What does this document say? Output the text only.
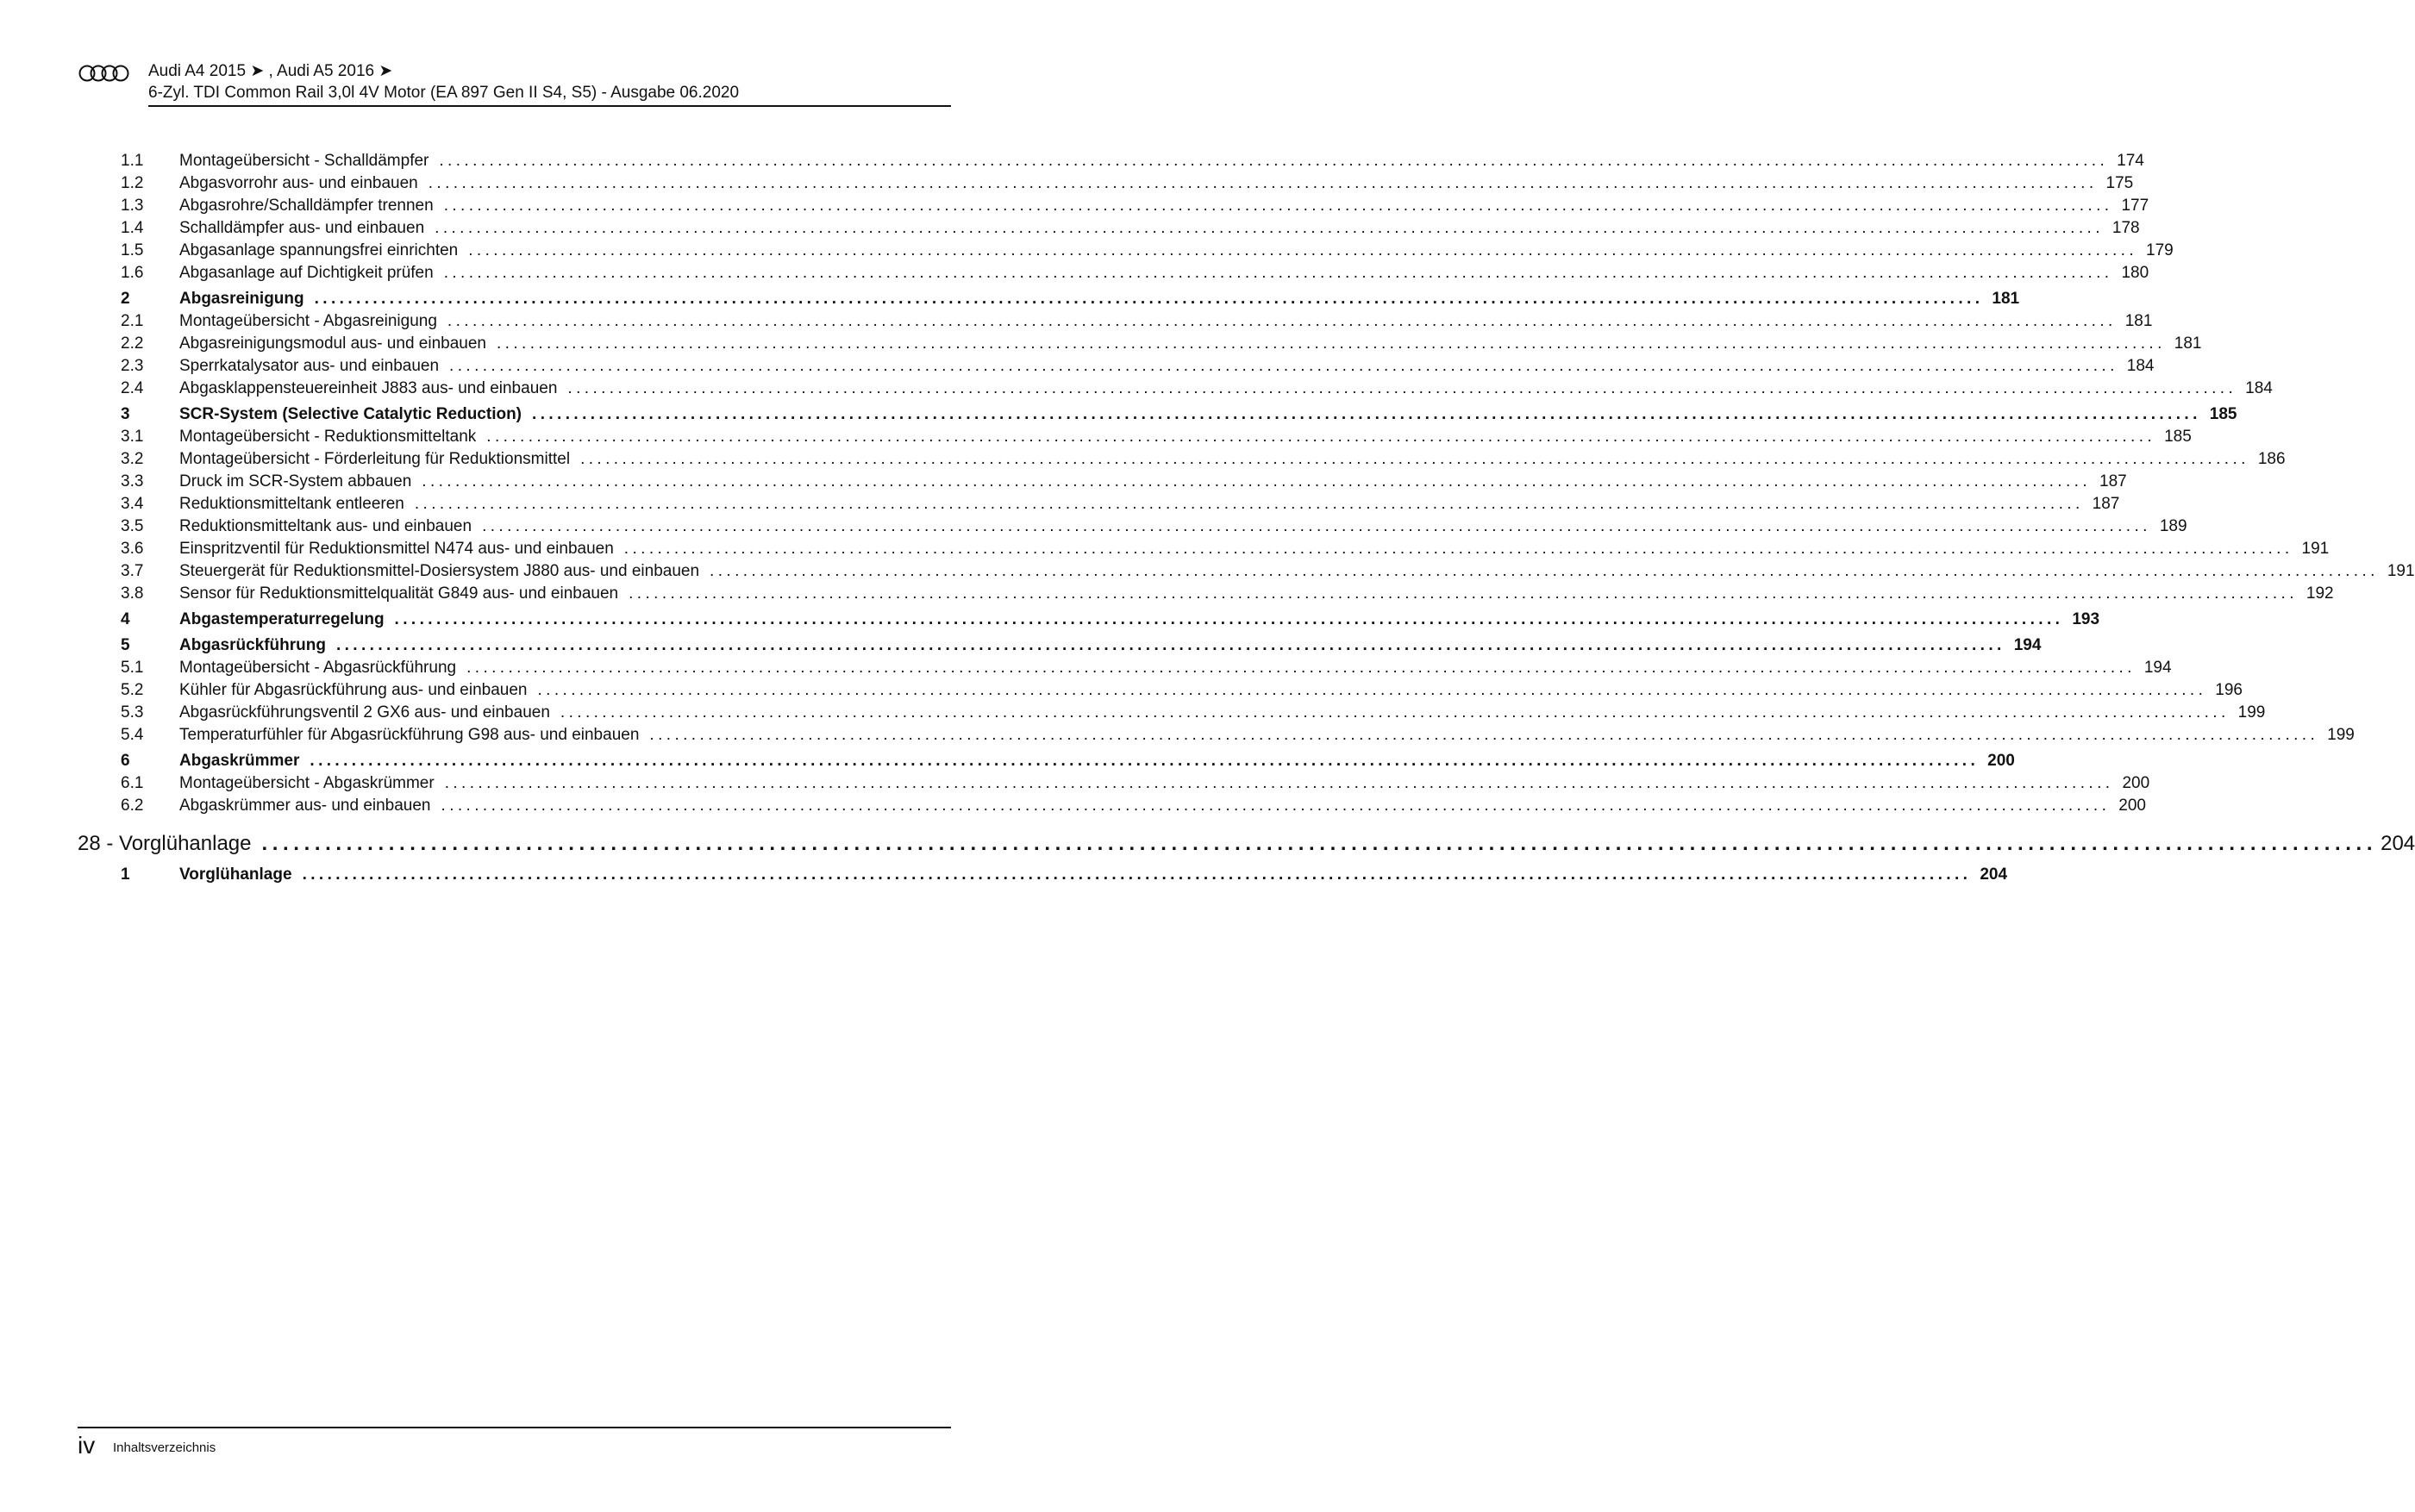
Audi A4 2015 ➤ , Audi A5 2016 ➤
6-Zyl. TDI Common Rail 3,0l 4V Motor (EA 897 Gen II S4, S5) - Ausgabe 06.2020
1.1 Montageübersicht - Schalldämpfer ........................................................................................................................................................................................................ 174
1.2 Abgasvorrohr aus- und einbauen ........................................................................................................................................................................................................ 175
1.3 Abgasrohre/Schalldämpfer trennen ........................................................................................................................................................................................................ 177
1.4 Schalldämpfer aus- und einbauen ........................................................................................................................................................................................................ 178
1.5 Abgasanlage spannungsfrei einrichten ........................................................................................................................................................................................................ 179
1.6 Abgasanlage auf Dichtigkeit prüfen ........................................................................................................................................................................................................ 180
2	Abgasreinigung ........................................................................................................................................................................................................ 181
2.1 Montageübersicht - Abgasreinigung ........................................................................................................................................................................................................ 181
2.2 Abgasreinigungsmodul aus- und einbauen ........................................................................................................................................................................................................ 181
2.3 Sperrkatalysator aus- und einbauen ........................................................................................................................................................................................................ 184
2.4 Abgasklappensteuereinheit J883 aus- und einbauen ........................................................................................................................................................................................................ 184
3	SCR-System (Selective Catalytic Reduction) ........................................................................................................................................................................................................ 185
3.1 Montageübersicht - Reduktionsmitteltank ........................................................................................................................................................................................................ 185
3.2 Montageübersicht - Förderleitung für Reduktionsmittel ........................................................................................................................................................................................................ 186
3.3 Druck im SCR-System abbauen ........................................................................................................................................................................................................ 187
3.4 Reduktionsmitteltank entleeren ........................................................................................................................................................................................................ 187
3.5 Reduktionsmitteltank aus- und einbauen ........................................................................................................................................................................................................ 189
3.6 Einspritzventil für Reduktionsmittel N474 aus- und einbauen ........................................................................................................................................................................................................ 191
3.7 Steuergerät für Reduktionsmittel-Dosiersystem J880 aus- und einbauen ........................................................................................................................................................................................................ 191
3.8 Sensor für Reduktionsmittelqualität G849 aus- und einbauen ........................................................................................................................................................................................................ 192
4	Abgastemperaturregelung ........................................................................................................................................................................................................ 193
5	Abgasrückführung ........................................................................................................................................................................................................ 194
5.1 Montageübersicht - Abgasrückführung ........................................................................................................................................................................................................ 194
5.2 Kühler für Abgasrückführung aus- und einbauen ........................................................................................................................................................................................................ 196
5.3 Abgasrückführungsventil 2 GX6 aus- und einbauen ........................................................................................................................................................................................................ 199
5.4 Temperaturfühler für Abgasrückführung G98 aus- und einbauen ........................................................................................................................................................................................................ 199
6	Abgaskrümmer ........................................................................................................................................................................................................ 200
6.1 Montageübersicht - Abgaskrümmer ........................................................................................................................................................................................................ 200
6.2 Abgaskrümmer aus- und einbauen ........................................................................................................................................................................................................ 200
28 - Vorglühanlage ........................................................................................................................................................................................................ 204
1	Vorglühanlage ........................................................................................................................................................................................................ 204
iv Inhaltsverzeichnis
